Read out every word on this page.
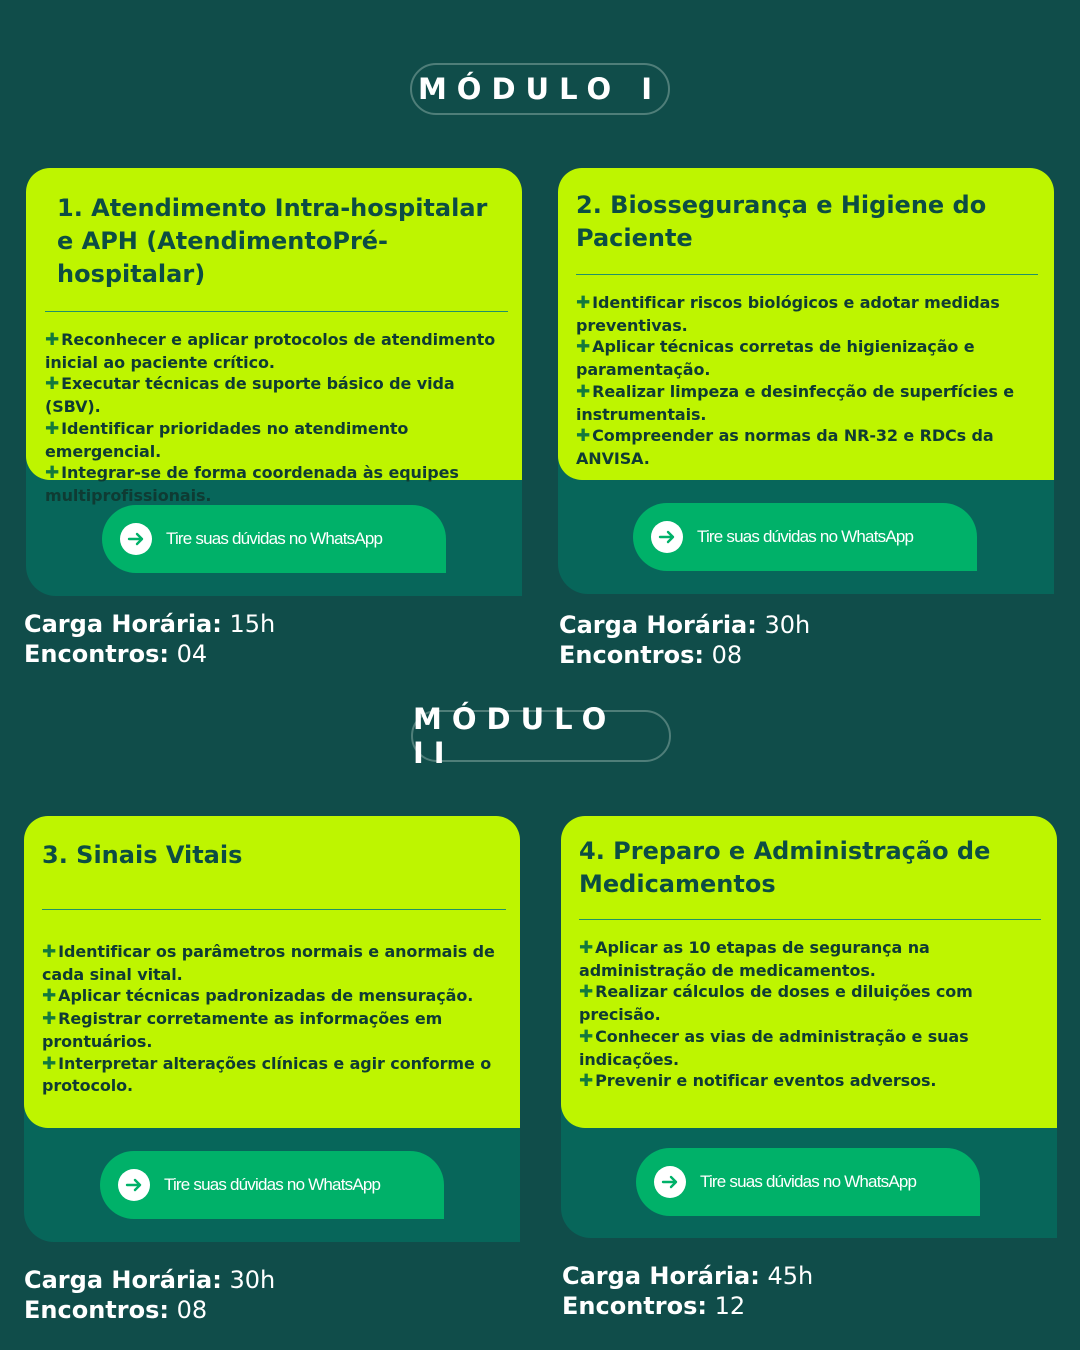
MÓDULO I
MÓDULO II
1. Atendimento Intra-hospitalar e APH (AtendimentoPré-hospitalar)
✚ Reconhecer e aplicar protocolos de atendimento inicial ao paciente crítico.
✚ Executar técnicas de suporte básico de vida (SBV).
✚ Identificar prioridades no atendimento emergencial.
✚ Integrar-se de forma coordenada às equipes multiprofissionais.
Tire suas dúvidas no WhatsApp
2. Biossegurança e Higiene do Paciente
✚ Identificar riscos biológicos e adotar medidas preventivas.
✚ Aplicar técnicas corretas de higienização e paramentação.
✚ Realizar limpeza e desinfecção de superfícies e instrumentais.
✚ Compreender as normas da NR-32 e RDCs da ANVISA.
Tire suas dúvidas no WhatsApp
3. Sinais Vitais
✚ Identificar os parâmetros normais e anormais de cada sinal vital.
✚ Aplicar técnicas padronizadas de mensuração.
✚ Registrar corretamente as informações em prontuários.
✚ Interpretar alterações clínicas e agir conforme o protocolo.
Tire suas dúvidas no WhatsApp
4. Preparo e Administração de Medicamentos
✚ Aplicar as 10 etapas de segurança na administração de medicamentos.
✚ Realizar cálculos de doses e diluições com precisão.
✚ Conhecer as vias de administração e suas indicações.
✚ Prevenir e notificar eventos adversos.
Tire suas dúvidas no WhatsApp
Carga Horária: 15h
Encontros: 04
Carga Horária: 30h
Encontros: 08
Carga Horária: 30h
Encontros: 08
Carga Horária: 45h
Encontros: 12
